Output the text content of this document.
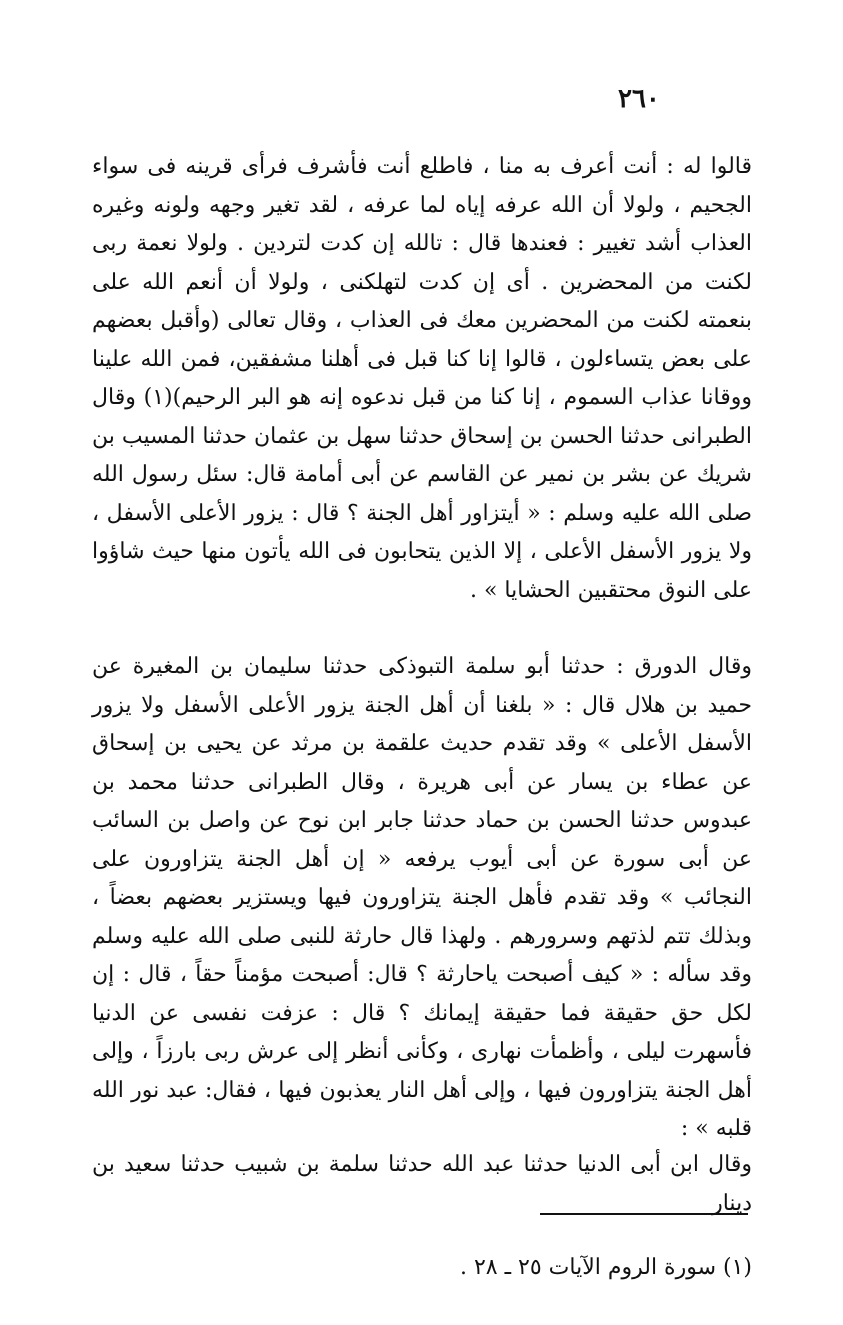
٢٦٠

قالوا له : أنت أعرف به منا ، فاطلع أنت فأشرف فرأى قرينه فى سواء الجحيم ، ولولا أن الله عرفه إياه لما عرفه ، لقد تغير وجهه ولونه وغيره العذاب أشد تغيير : فعندها قال : تالله إن كدت لتردين . ولولا نعمة ربى لكنت من المحضرين . أى إن كدت لتهلكنى ، ولولا أن أنعم الله على بنعمته لكنت من المحضرين معك فى العذاب ، وقال تعالى (وأقبل بعضهم على بعض يتساءلون ، قالوا إنا كنا قبل فى أهلنا مشفقين، فمن الله علينا ووقانا عذاب السموم ، إنا كنا من قبل ندعوه إنه هو البر الرحيم)(١) وقال الطبرانى حدثنا الحسن بن إسحاق حدثنا سهل بن عثمان حدثنا المسيب بن شريك عن بشر بن نمير عن القاسم عن أبى أمامة قال: سئل رسول الله صلى الله عليه وسلم : « أيتزاور أهل الجنة ؟ قال : يزور الأعلى الأسفل ، ولا يزور الأسفل الأعلى ، إلا الذين يتحابون فى الله يأتون منها حيث شاؤوا على النوق محتقبين الحشايا » .

وقال الدورق : حدثنا أبو سلمة التبوذكى حدثنا سليمان بن المغيرة عن حميد بن هلال قال : « بلغنا أن أهل الجنة يزور الأعلى الأسفل ولا يزور الأسفل الأعلى » وقد تقدم حديث علقمة بن مرثد عن يحيى بن إسحاق عن عطاء بن يسار عن أبى هريرة ، وقال الطبرانى حدثنا محمد بن عبدوس حدثنا الحسن بن حماد حدثنا جابر ابن نوح عن واصل بن السائب عن أبى سورة عن أبى أيوب يرفعه « إن أهل الجنة يتزاورون على النجائب » وقد تقدم فأهل الجنة يتزاورون فيها ويستزير بعضهم بعضاً ، وبذلك تتم لذتهم وسرورهم . ولهذا قال حارثة للنبى صلى الله عليه وسلم وقد سأله : « كيف أصبحت ياحارثة ؟ قال: أصبحت مؤمناً حقاً ، قال : إن لكل حق حقيقة فما حقيقة إيمانك ؟ قال : عزفت نفسى عن الدنيا فأسهرت ليلى ، وأظمأت نهارى ، وكأنى أنظر إلى عرش ربى بارزاً ، وإلى أهل الجنة يتزاورون فيها ، وإلى أهل النار يعذبون فيها ، فقال: عبد نور الله قلبه » :

وقال ابن أبى الدنيا حدثنا عبد الله حدثنا سلمة بن شبيب حدثنا سعيد بن دينار

(١) سورة الروم الآيات ٢٥ ـ ٢٨ .
